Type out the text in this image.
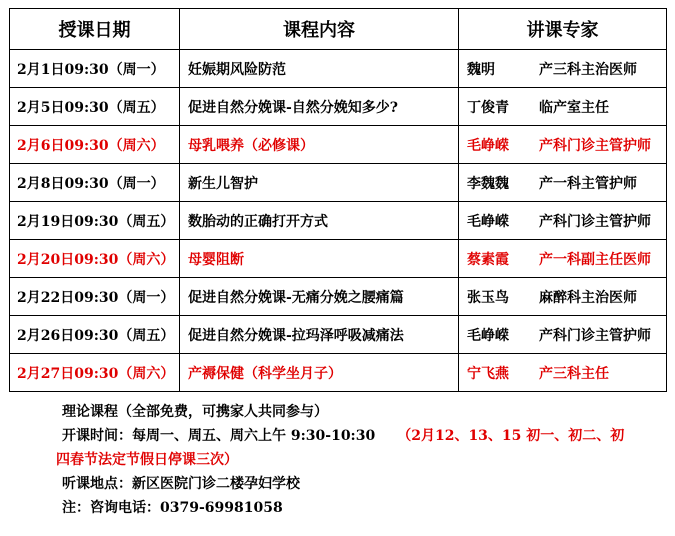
授课日期	课程内容	讲课专家
2月1日09:30（周一）	妊娠期风险防范	魏明 产三科主治医师
2月5日09:30（周五）	促进自然分娩课-自然分娩知多少?	丁俊青 临产室主任
2月6日09:30（周六）	母乳喂养（必修课）	毛峥嵘 产科门诊主管护师
2月8日09:30（周一）	新生儿智护	李魏魏 产一科主管护师
2月19日09:30（周五）	数胎动的正确打开方式	毛峥嵘 产科门诊主管护师
2月20日09:30（周六）	母婴阻断	蔡素霞 产一科副主任医师
2月22日09:30（周一）	促进自然分娩课-无痛分娩之腰痛篇	张玉鸟 麻醉科主治医师
2月26日09:30（周五）	促进自然分娩课-拉玛泽呼吸减痛法	毛峥嵘 产科门诊主管护师
2月27日09:30（周六）	产褥保健（科学坐月子）	宁飞燕 产三科主任
理论课程（全部免费，可携家人共同参与）
开课时间：每周一、周五、周六上午 9:30-10:30 （2月12、13、15 初一、初二、初
四春节法定节假日停课三次）
听课地点：新区医院门诊二楼孕妇学校
注：咨询电话：0379-69981058
